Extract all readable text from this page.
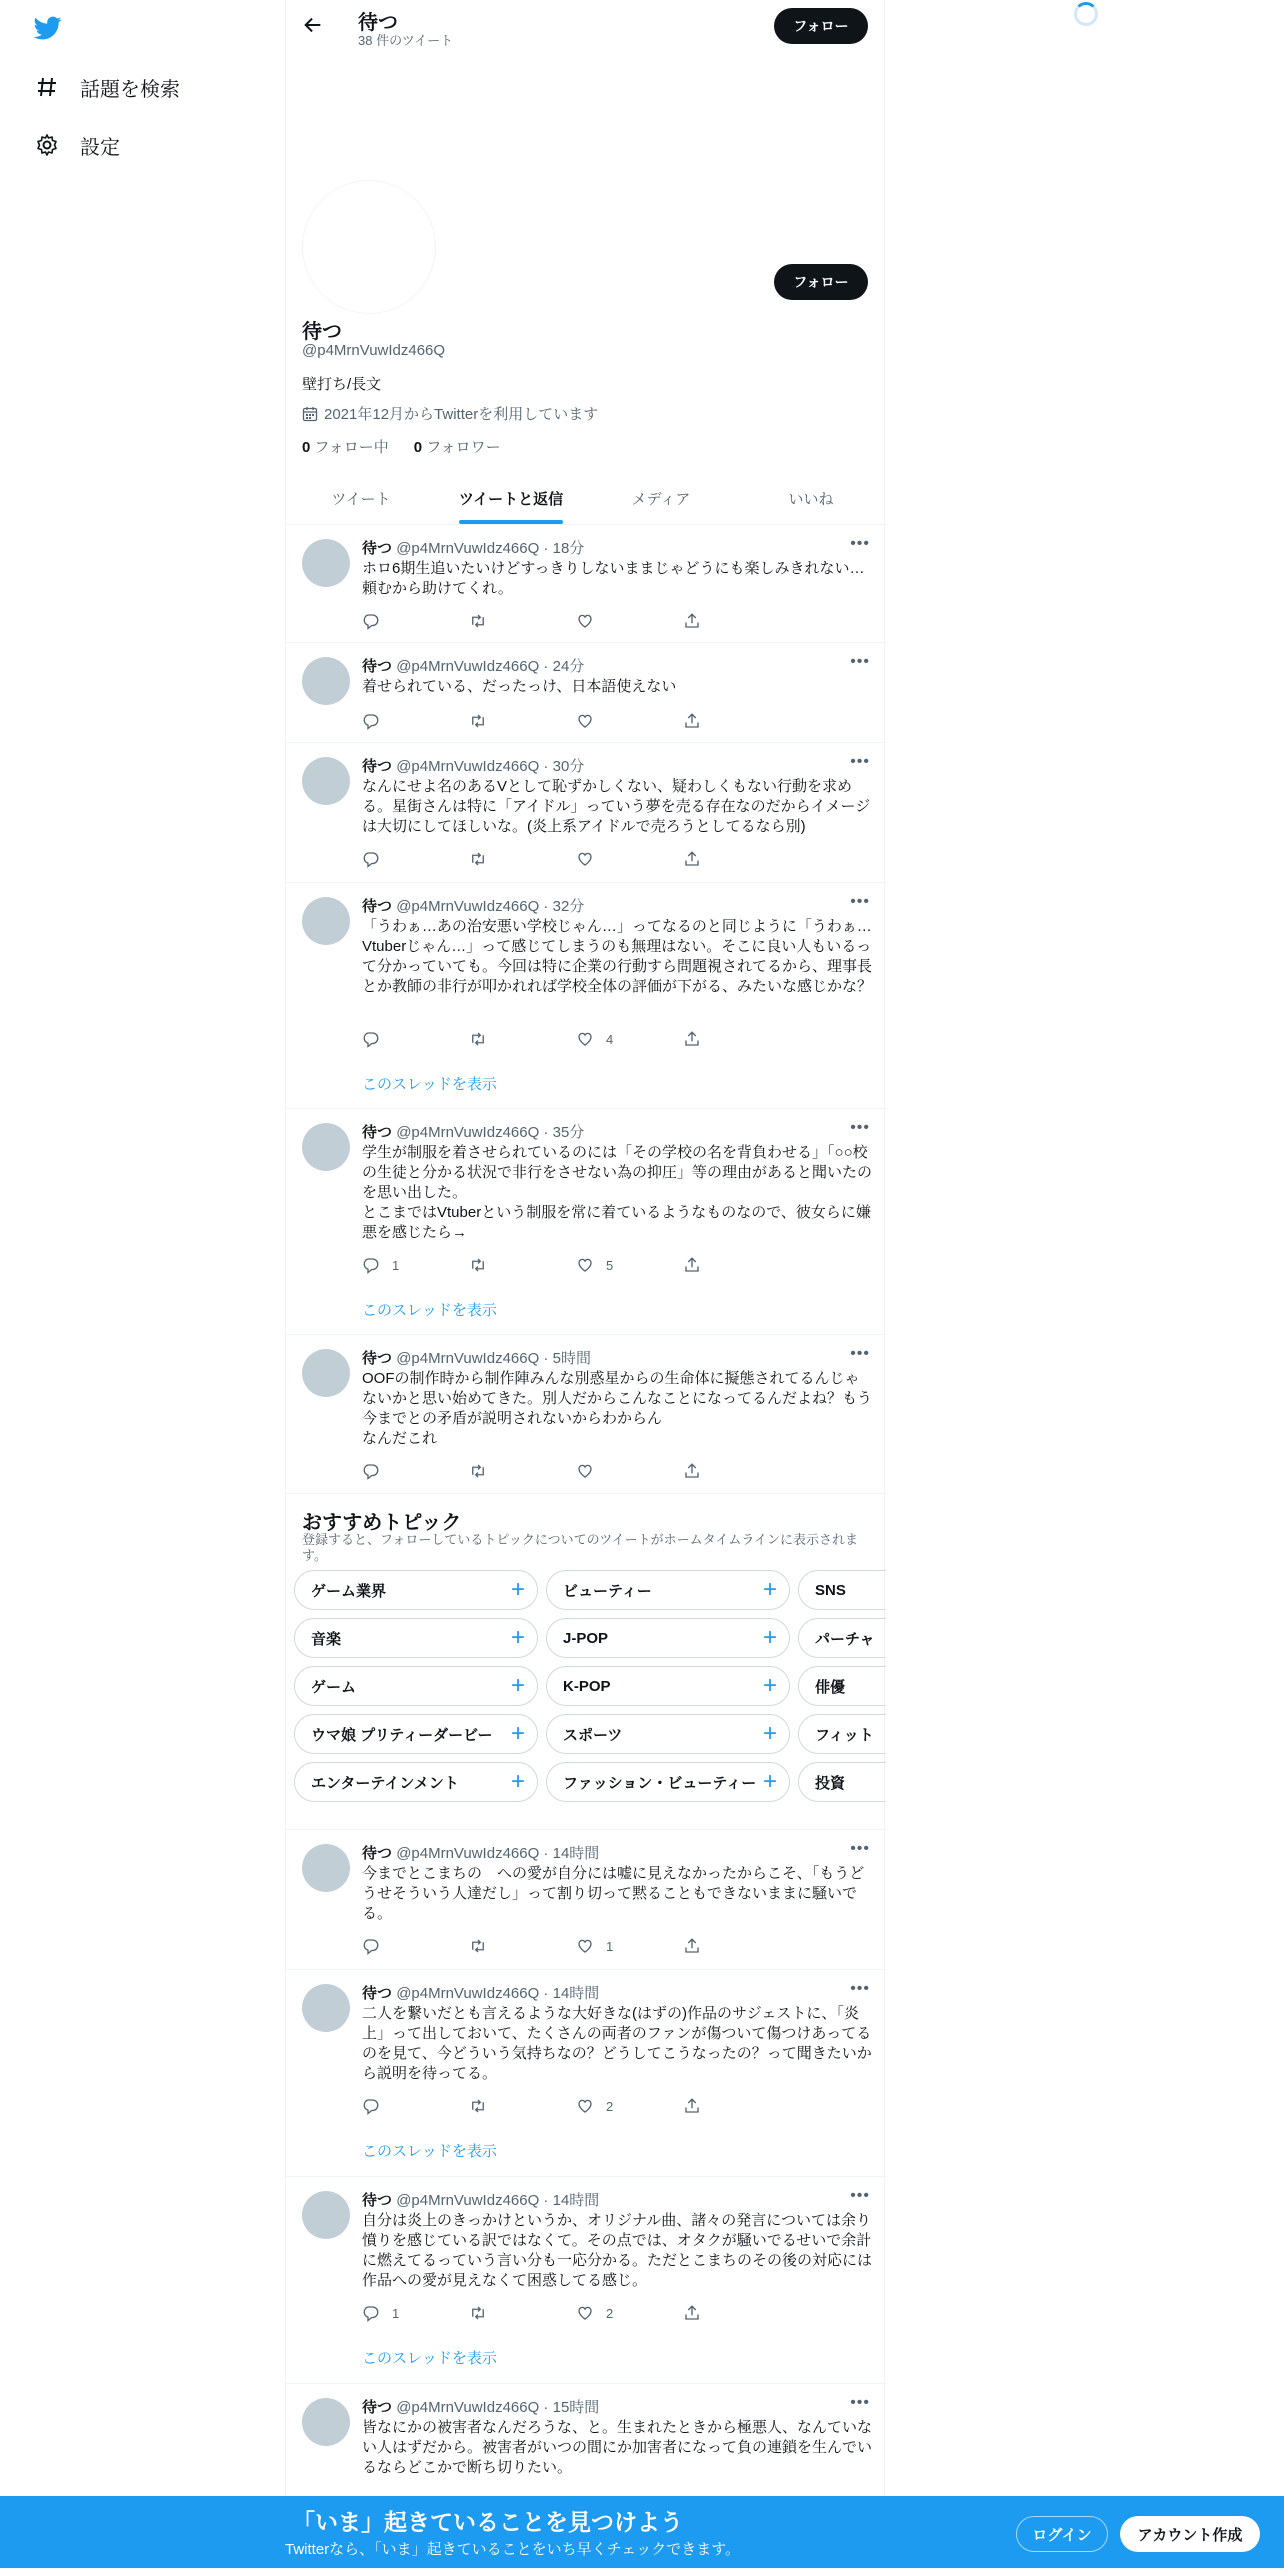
話題を検索
設定
待つ
38 件のツイート
フォロー
フォロー
待つ
@p4MrnVuwIdz466Q
壁打ち/長文
2021年12月からTwitterを利用しています
0 フォロー中 0 フォロワー
ツイート	ツイートと返信	メディア	いいね
おすすめトピック
登録すると、フォローしているトピックについてのツイートがホームタイムラインに表示されます。
ゲーム業界	+	ビューティー	+	SNS
音楽	+	J-POP	+	パーチャ
ゲーム	+	K-POP	+	俳優
ウマ娘 プリティーダービー +	スポーツ	+	フィット
エンターテインメント +	ファッション・ビューティー +	投資
待つ @p4MrnVuwIdz466Q · 18分	•••
ホロ6期生追いたいけどすっきりしないままじゃどうにも楽しみきれない…頼むから助けてくれ。
待つ @p4MrnVuwIdz466Q · 24分	•••
着せられている、だったっけ、日本語使えない
待つ @p4MrnVuwIdz466Q · 30分	•••
なんにせよ名のあるVとして恥ずかしくない、疑わしくもない行動を求める。星街さんは特に「アイドル」っていう夢を売る存在なのだからイメージは大切にしてほしいな。(炎上系アイドルで売ろうとしてるなら別)
待つ @p4MrnVuwIdz466Q · 32分	•••
「うわぁ…あの治安悪い学校じゃん…」ってなるのと同じように「うわぁ…Vtuberじゃん…」って感じてしまうのも無理はない。そこに良い人もいるって分かっていても。今回は特に企業の行動すら問題視されてるから、理事長とか教師の非行が叩かれれば学校全体の評価が下がる、みたいな感じかな？
4
このスレッドを表示
待つ @p4MrnVuwIdz466Q · 35分	•••
学生が制服を着させられているのには「その学校の名を背負わせる」「○○校の生徒と分かる状況で非行をさせない為の抑圧」等の理由があると聞いたのを思い出した。
とこまではVtuberという制服を常に着ているようなものなので、彼女らに嫌悪を感じたら→
1	5
このスレッドを表示
待つ @p4MrnVuwIdz466Q · 5時間	•••
OOFの制作時から制作陣みんな別惑星からの生命体に擬態されてるんじゃないかと思い始めてきた。別人だからこんなことになってるんだよね？もう今までとの矛盾が説明されないからわからん
なんだこれ
待つ @p4MrnVuwIdz466Q · 14時間	•••
今までとこまちの　への愛が自分には嘘に見えなかったからこそ、「もうどうせそういう人達だし」って割り切って黙ることもできないままに騒いでる。
1
待つ @p4MrnVuwIdz466Q · 14時間	•••
二人を繋いだとも言えるような大好きな(はずの)作品のサジェストに、「炎上」って出しておいて、たくさんの両者のファンが傷ついて傷つけあってるのを見て、今どういう気持ちなの？どうしてこうなったの？って聞きたいから説明を待ってる。
2
このスレッドを表示
待つ @p4MrnVuwIdz466Q · 14時間	•••
自分は炎上のきっかけというか、オリジナル曲、諸々の発言については余り憤りを感じている訳ではなくて。その点では、オタクが騒いでるせいで余計に燃えてるっていう言い分も一応分かる。ただとこまちのその後の対応には作品への愛が見えなくて困惑してる感じ。
1	2
このスレッドを表示
待つ @p4MrnVuwIdz466Q · 15時間	•••
皆なにかの被害者なんだろうな、と。生まれたときから極悪人、なんていない人はずだから。被害者がいつの間にか加害者になって負の連鎖を生んでいるならどこかで断ち切りたい。
「いま」起きていることを見つけよう
Twitterなら、「いま」起きていることをいち早くチェックできます。
ログイン	アカウント作成
